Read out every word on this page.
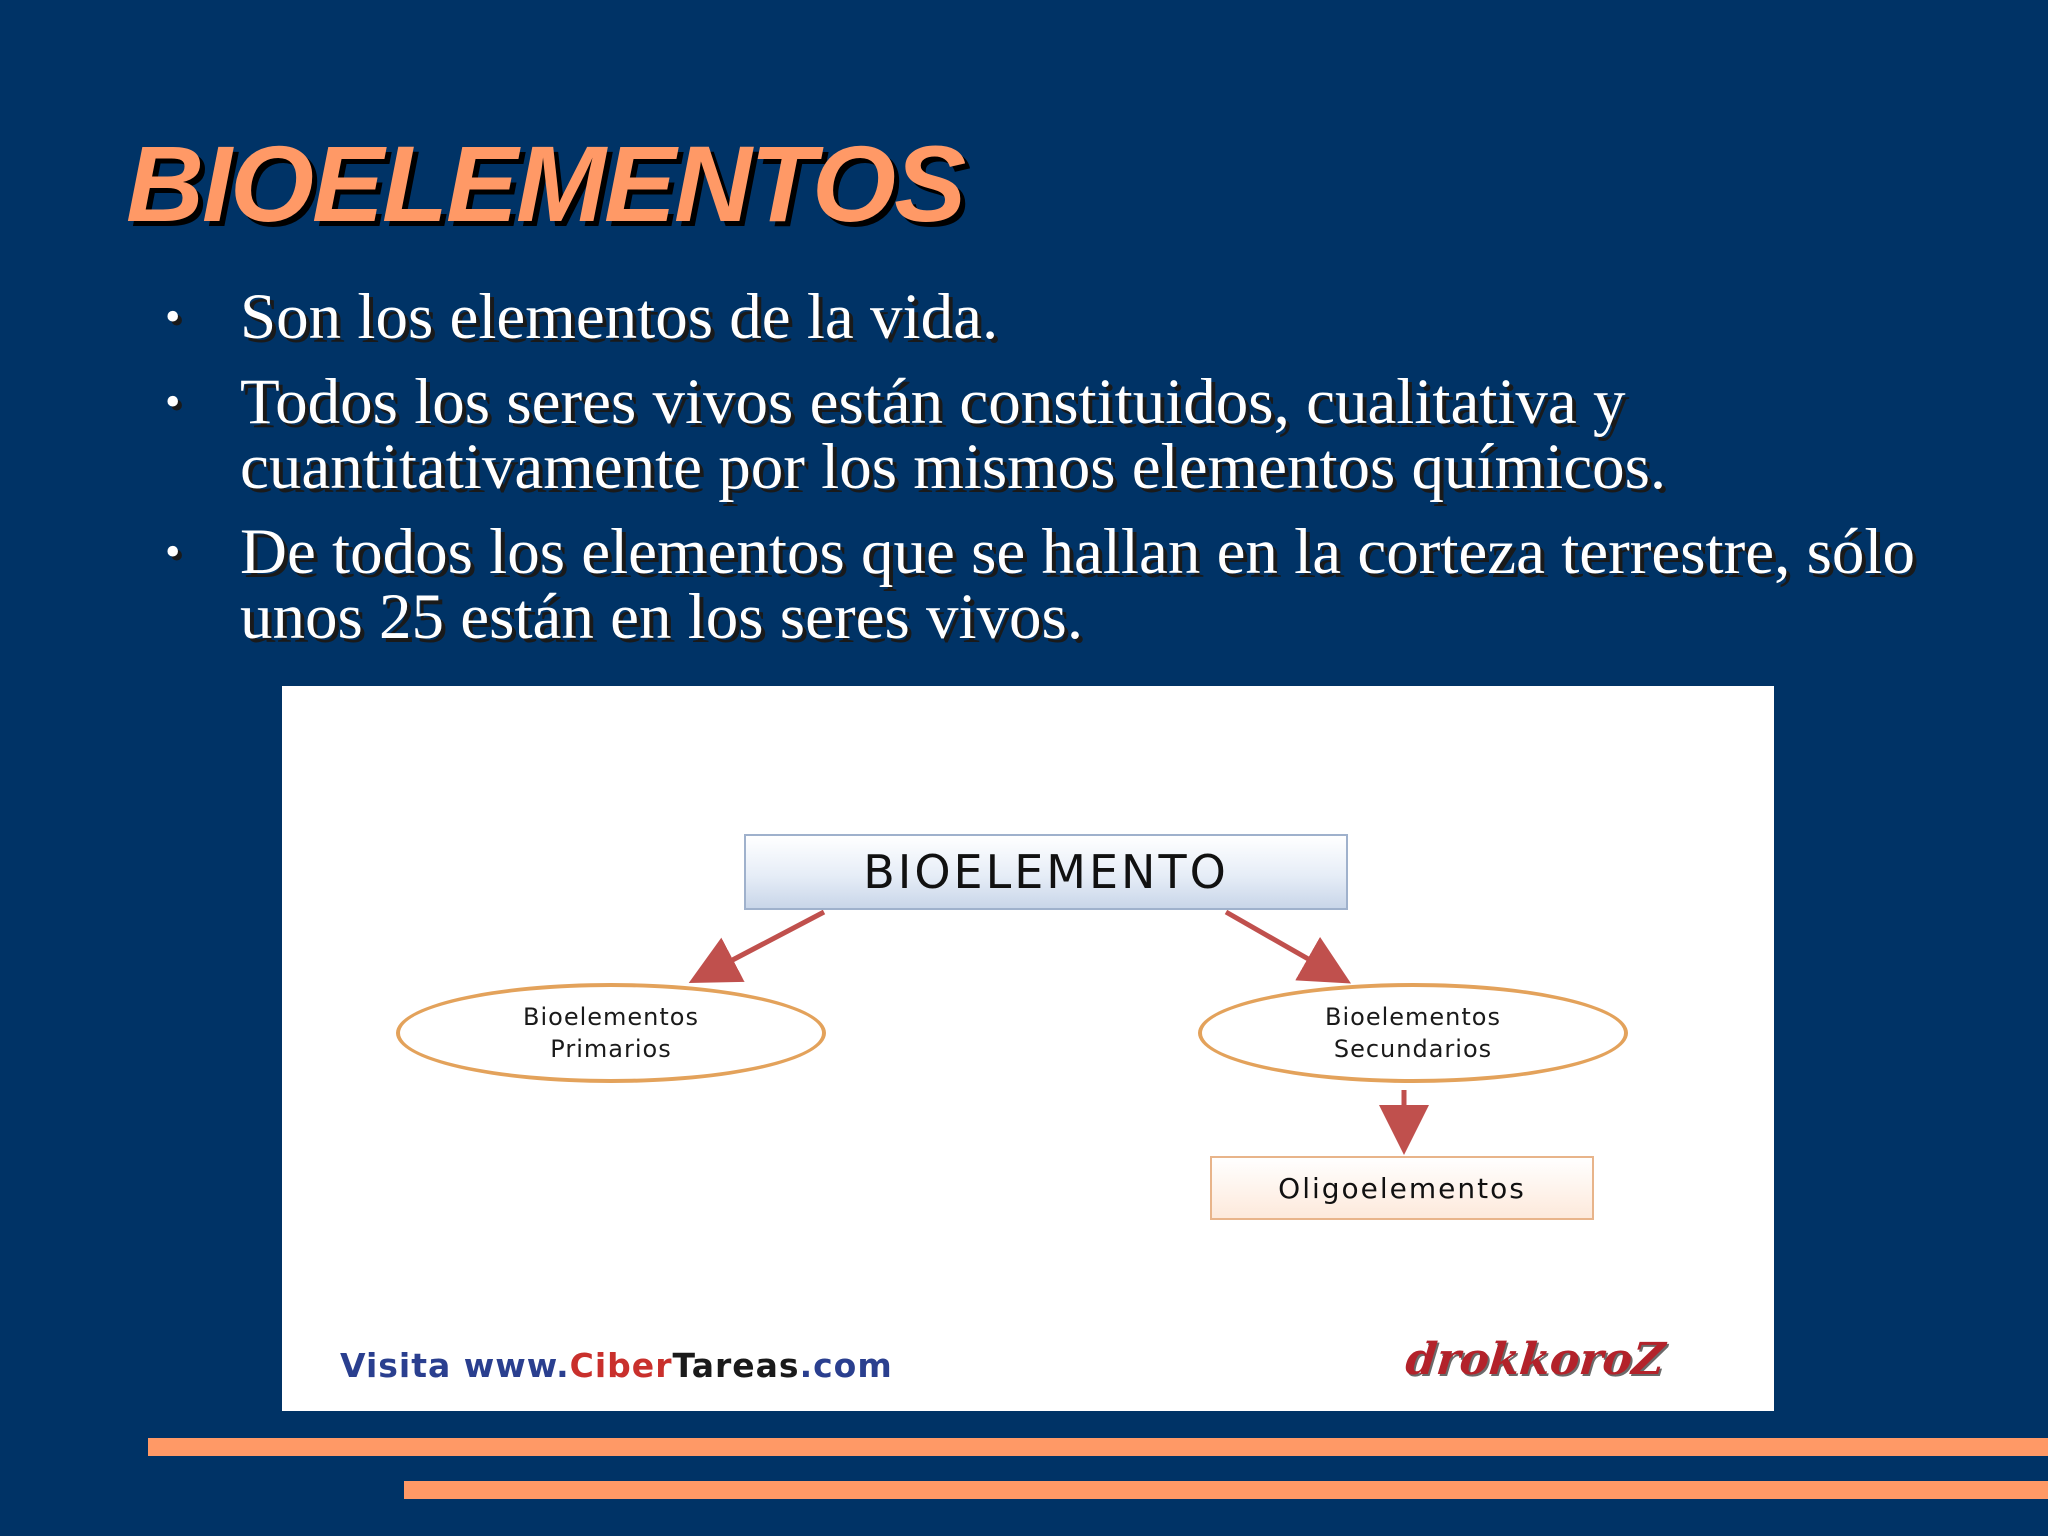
BIOELEMENTOS
• Son los elementos de la vida.
• Todos los seres vivos están constituidos, cualitativa y cuantitativamente por los mismos elementos químicos.
• De todos los elementos que se hallan en la corteza terrestre, sólo unos 25 están en los seres vivos.
BIOELEMENTO
Bioelementos
Primarios
Bioelementos
Secundarios
Oligoelementos
Visita www.CiberTareas.com	drokkoroZ
